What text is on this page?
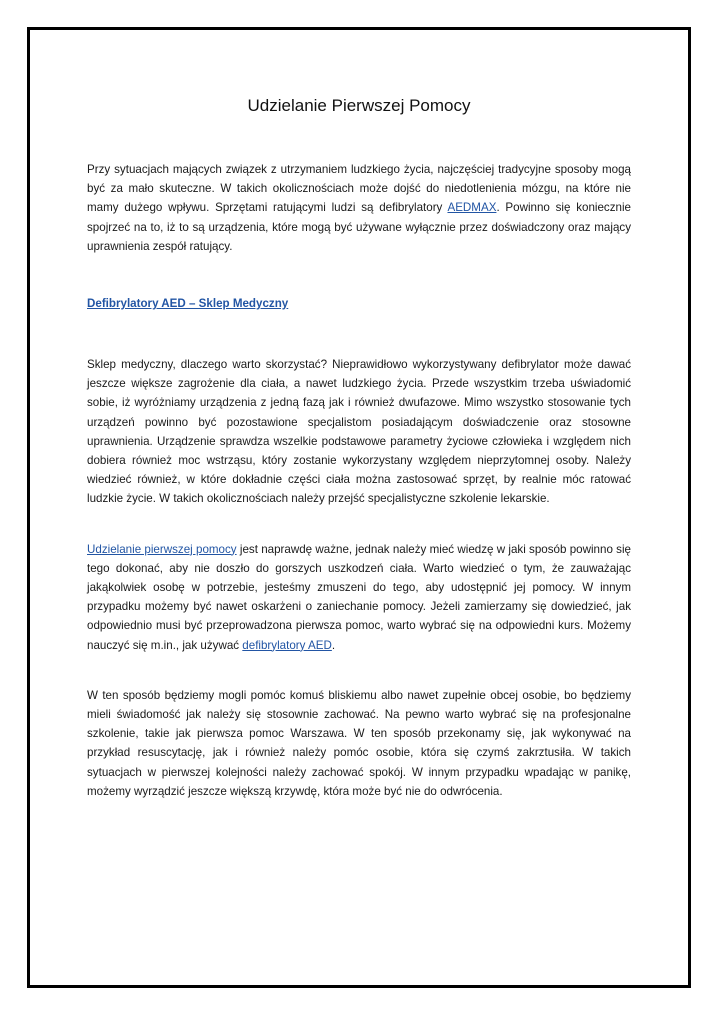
Udzielanie Pierwszej Pomocy

Przy sytuacjach mających związek z utrzymaniem ludzkiego życia, najczęściej tradycyjne sposoby mogą być za mało skuteczne. W takich okolicznościach może dojść do niedotlenienia mózgu, na które nie mamy dużego wpływu. Sprzętami ratującymi ludzi są defibrylatory AEDMAX. Powinno się koniecznie spojrzeć na to, iż to są urządzenia, które mogą być używane wyłącznie przez doświadczony oraz mający uprawnienia zespół ratujący.

Defibrylatory AED – Sklep Medyczny

Sklep medyczny, dlaczego warto skorzystać? Nieprawidłowo wykorzystywany defibrylator może dawać jeszcze większe zagrożenie dla ciała, a nawet ludzkiego życia. Przede wszystkim trzeba uświadomić sobie, iż wyróżniamy urządzenia z jedną fazą jak i również dwufazowe. Mimo wszystko stosowanie tych urządzeń powinno być pozostawione specjalistom posiadającym doświadczenie oraz stosowne uprawnienia. Urządzenie sprawdza wszelkie podstawowe parametry życiowe człowieka i względem nich dobiera również moc wstrząsu, który zostanie wykorzystany względem nieprzytomnej osoby. Należy wiedzieć również, w które dokładnie części ciała można zastosować sprzęt, by realnie móc ratować ludzkie życie. W takich okolicznościach należy przejść specjalistyczne szkolenie lekarskie.

Udzielanie pierwszej pomocy jest naprawdę ważne, jednak należy mieć wiedzę w jaki sposób powinno się tego dokonać, aby nie doszło do gorszych uszkodzeń ciała. Warto wiedzieć o tym, że zauważając jakąkolwiek osobę w potrzebie, jesteśmy zmuszeni do tego, aby udostępnić jej pomocy. W innym przypadku możemy być nawet oskarżeni o zaniechanie pomocy. Jeżeli zamierzamy się dowiedzieć, jak odpowiednio musi być przeprowadzona pierwsza pomoc, warto wybrać się na odpowiedni kurs. Możemy nauczyć się m.in., jak używać defibrylatory AED.

W ten sposób będziemy mogli pomóc komuś bliskiemu albo nawet zupełnie obcej osobie, bo będziemy mieli świadomość jak należy się stosownie zachować. Na pewno warto wybrać się na profesjonalne szkolenie, takie jak pierwsza pomoc Warszawa. W ten sposób przekonamy się, jak wykonywać na przykład resuscytację, jak i również należy pomóc osobie, która się czymś zakrztusiła. W takich sytuacjach w pierwszej kolejności należy zachować spokój. W innym przypadku wpadając w panikę, możemy wyrządzić jeszcze większą krzywdę, która może być nie do odwrócenia.
